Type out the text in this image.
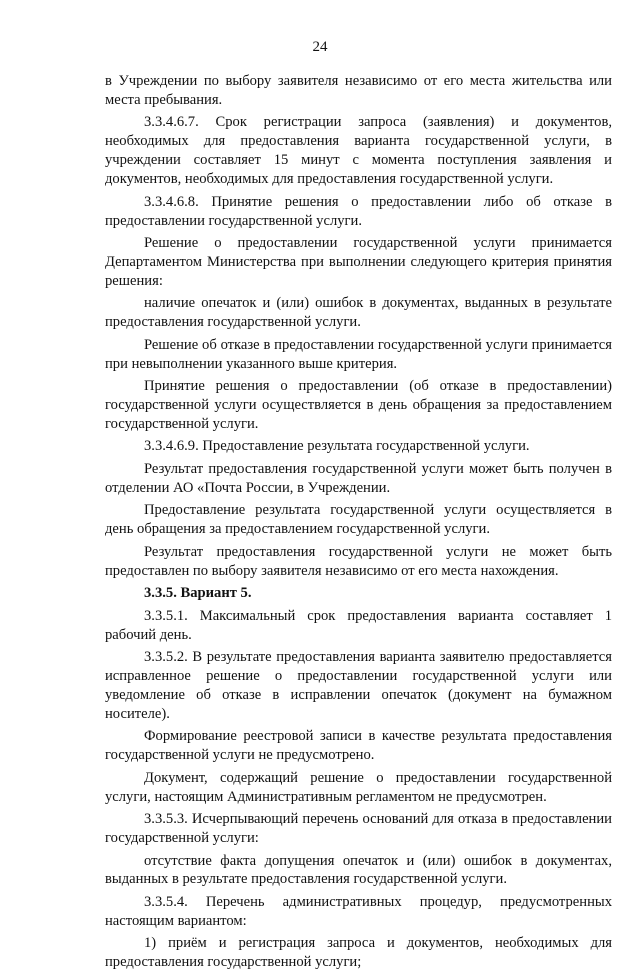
24

в Учреждении по выбору заявителя независимо от его места жительства или места пребывания.

3.3.4.6.7. Срок регистрации запроса (заявления) и документов, необходимых для предоставления варианта государственной услуги, в учреждении составляет 15 минут с момента поступления заявления и документов, необходимых для предоставления государственной услуги.

3.3.4.6.8. Принятие решения о предоставлении либо об отказе в предоставлении государственной услуги.

Решение о предоставлении государственной услуги принимается Департаментом Министерства при выполнении следующего критерия принятия решения:

наличие опечаток и (или) ошибок в документах, выданных в результате предоставления государственной услуги.

Решение об отказе в предоставлении государственной услуги принимается при невыполнении указанного выше критерия.

Принятие решения о предоставлении (об отказе в предоставлении) государственной услуги осуществляется в день обращения за предоставлением государственной услуги.

3.3.4.6.9. Предоставление результата государственной услуги.

Результат предоставления государственной услуги может быть получен в отделении АО «Почта России, в Учреждении.

Предоставление результата государственной услуги осуществляется в день обращения за предоставлением государственной услуги.

Результат предоставления государственной услуги не может быть предоставлен по выбору заявителя независимо от его места нахождения.

3.3.5. Вариант 5.

3.3.5.1. Максимальный срок предоставления варианта составляет 1 рабочий день.

3.3.5.2. В результате предоставления варианта заявителю предоставляется исправленное решение о предоставлении государственной услуги или уведомление об отказе в исправлении опечаток (документ на бумажном носителе).

Формирование реестровой записи в качестве результата предоставления государственной услуги не предусмотрено.

Документ, содержащий решение о предоставлении государственной услуги, настоящим Административным регламентом не предусмотрен.

3.3.5.3. Исчерпывающий перечень оснований для отказа в предоставлении государственной услуги:

отсутствие факта допущения опечаток и (или) ошибок в документах, выданных в результате предоставления государственной услуги.

3.3.5.4. Перечень административных процедур, предусмотренных настоящим вариантом:

1) приём и регистрация запроса и документов, необходимых для предоставления государственной услуги;
